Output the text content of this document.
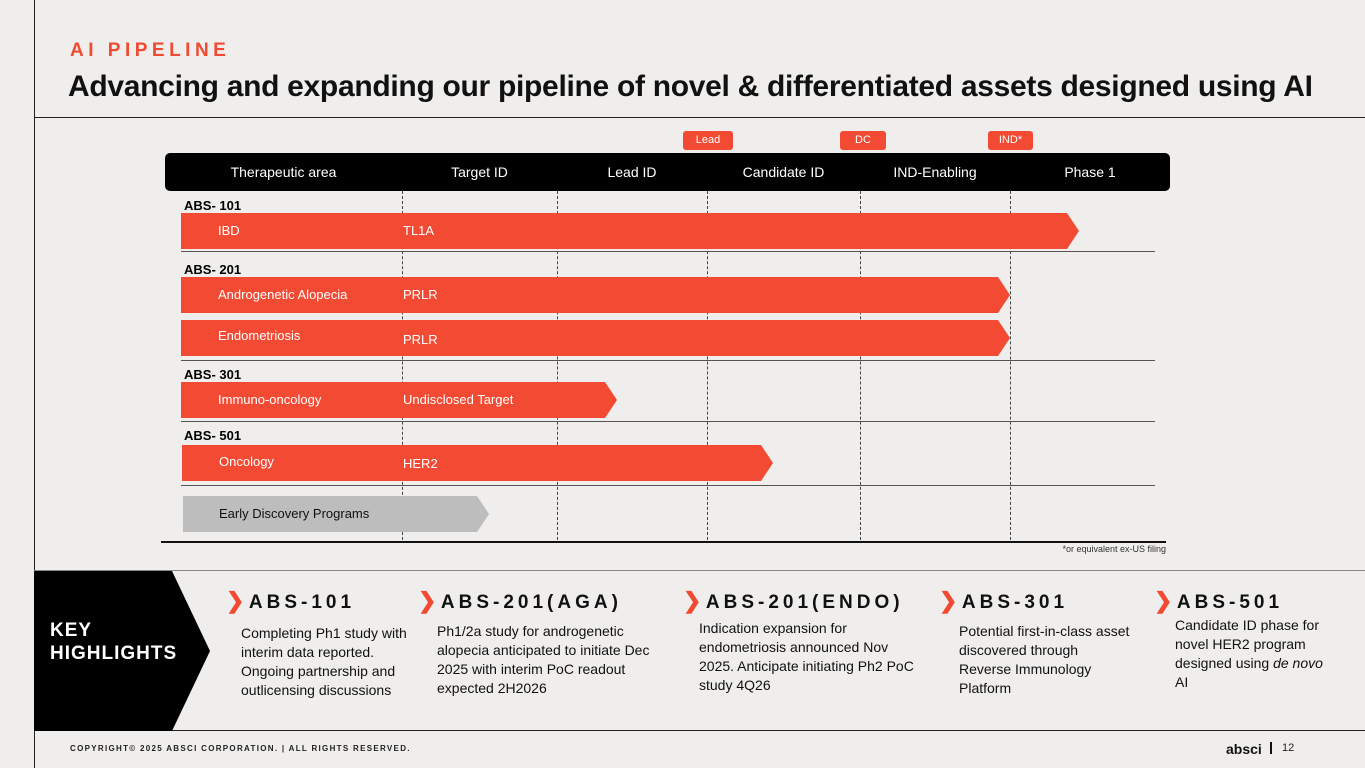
AI PIPELINE
Advancing and expanding our pipeline of novel & differentiated assets designed using AI
Lead	DC	IND*
Therapeutic area	Target ID	Lead ID	Candidate ID	IND-Enabling	Phase 1
ABS- 101
IBD	TL1A
ABS- 201
Androgenetic Alopecia	PRLR
Endometriosis	PRLR
ABS- 301
Immuno-oncology	Undisclosed Target
ABS- 501
Oncology	HER2
Early Discovery Programs
*or equivalent ex-US filing
KEY
HIGHLIGHTS
❯ ABS-101
Completing Ph1 study with interim data reported. Ongoing partnership and outlicensing discussions
❯ ABS-201(AGA)
Ph1/2a study for androgenetic alopecia anticipated to initiate Dec 2025 with interim PoC readout expected 2H2026
❯ ABS-201(ENDO)
Indication expansion for endometriosis announced Nov 2025. Anticipate initiating Ph2 PoC study 4Q26
❯ ABS-301
Potential first-in-class asset discovered through Reverse Immunology Platform
❯ ABS-501
Candidate ID phase for novel HER2 program designed using de novo AI
COPYRIGHT© 2025 ABSCI CORPORATION. | ALL RIGHTS RESERVED.	absci 12
